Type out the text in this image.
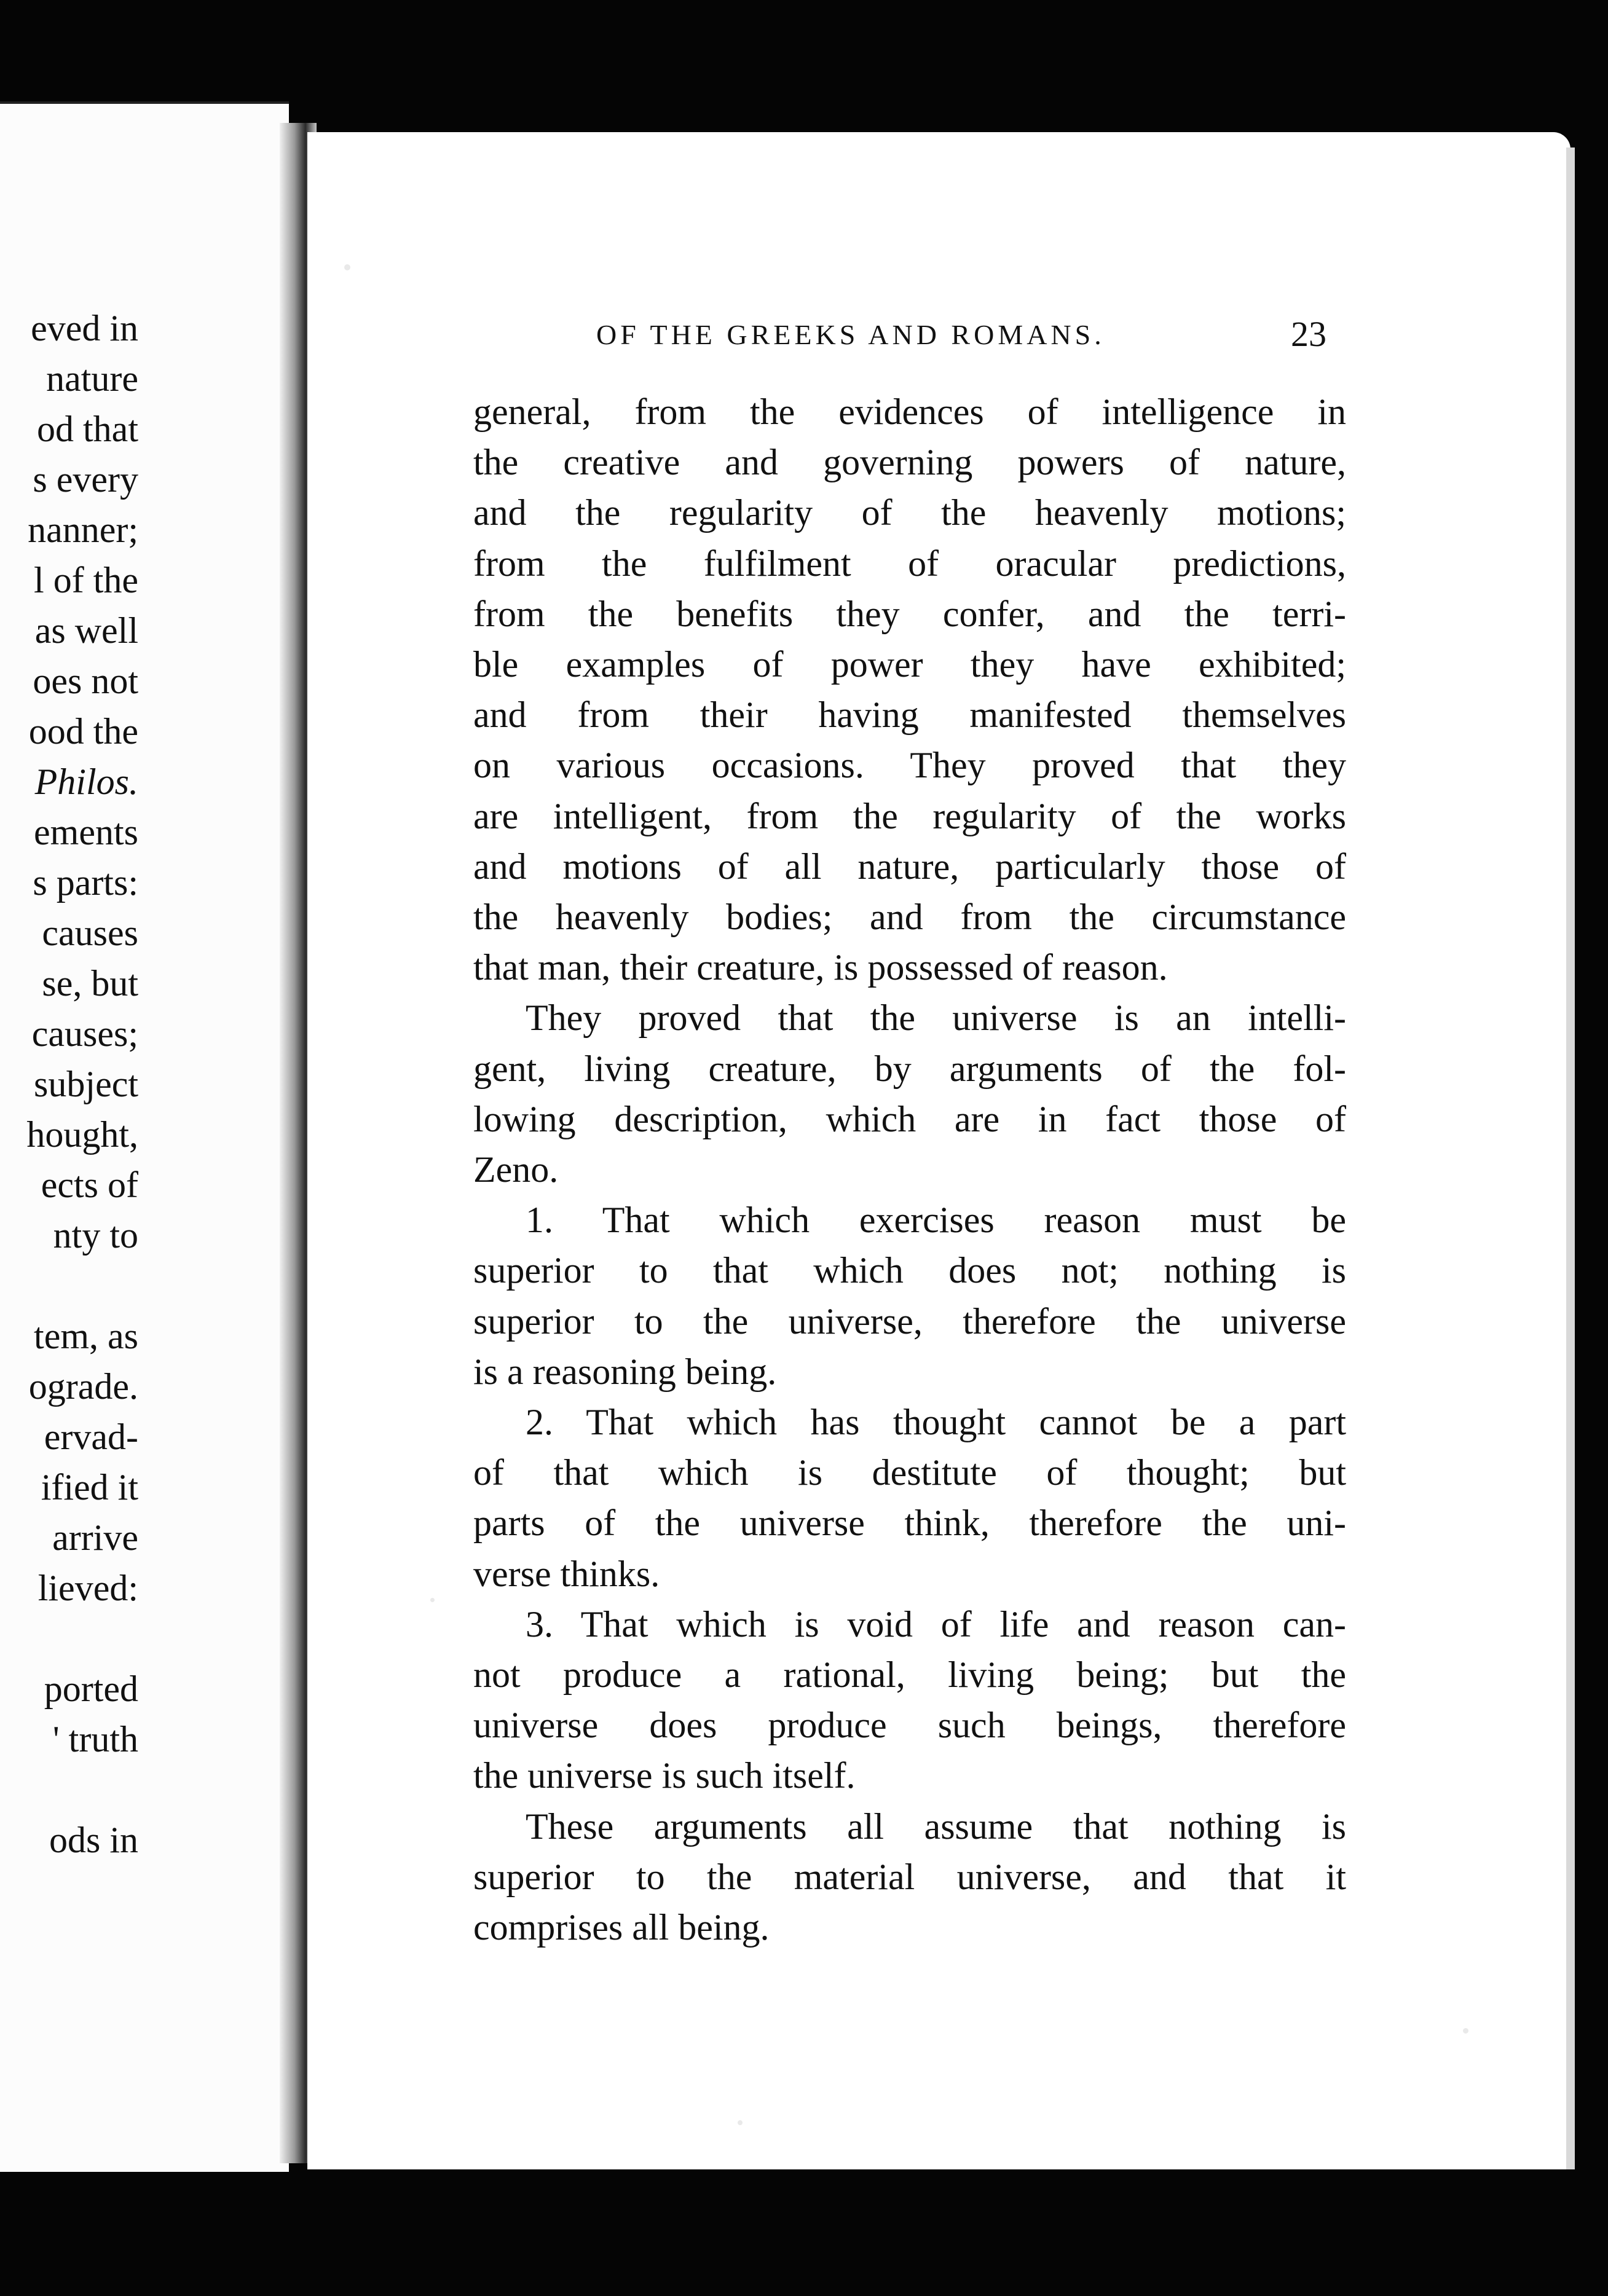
eved in
nature
od that
s every
nanner;
l of the
as well
oes not
ood the
Philos.
ements
s parts:
causes
se, but
causes;
subject
hought,
ects of
nty to
tem, as
ograde.
ervad-
ified it
arrive
lieved:
ported
' truth
ods in
OF THE GREEKS AND ROMANS.	23
general, from the evidences of intelligence in
the creative and governing powers of nature,
and the regularity of the heavenly motions;
from the fulfilment of oracular predictions,
from the benefits they confer, and the terri-
ble examples of power they have exhibited;
and from their having manifested themselves
on various occasions. They proved that they
are intelligent, from the regularity of the works
and motions of all nature, particularly those of
the heavenly bodies; and from the circumstance
that man, their creature, is possessed of reason.
They proved that the universe is an intelli-
gent, living creature, by arguments of the fol-
lowing description, which are in fact those of
Zeno.
1. That which exercises reason must be
superior to that which does not; nothing is
superior to the universe, therefore the universe
is a reasoning being.
2. That which has thought cannot be a part
of that which is destitute of thought; but
parts of the universe think, therefore the uni-
verse thinks.
3. That which is void of life and reason can-
not produce a rational, living being; but the
universe does produce such beings, therefore
the universe is such itself.
These arguments all assume that nothing is
superior to the material universe, and that it
comprises all being.
